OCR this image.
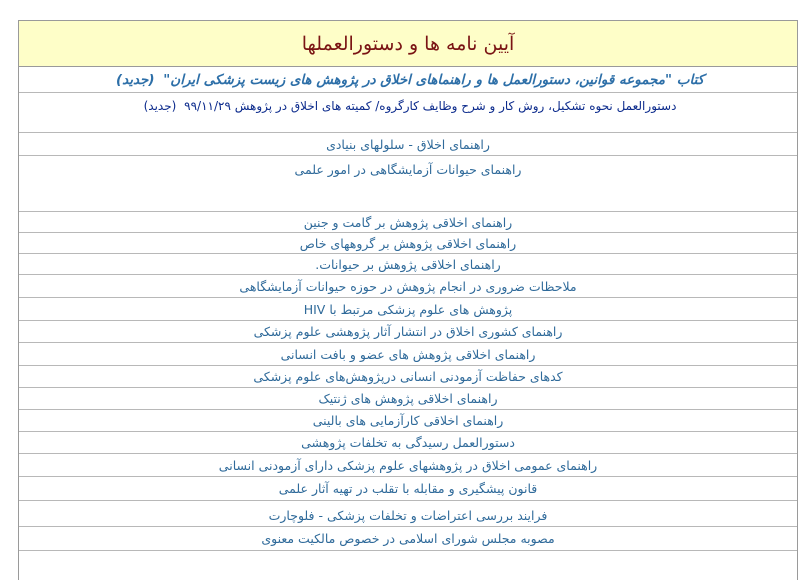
آیین نامه ها و دستورالعملها
کتاب "مجموعه قوانین، دستورالعمل ها و راهنماهای اخلاق در پژوهش های زیست پزشکی ایران" (جدید)
دستورالعمل نحوه تشکیل، روش کار و شرح وظایف کارگروه/ کمیته های اخلاق در پژوهش ۹۹/۱۱/۲۹ (جدید)
راهنمای اخلاق - سلولهای بنیادی
راهنمای حیوانات آزمایشگاهی در امور علمی
راهنمای اخلاقی پژوهش بر گامت و جنین
راهنمای اخلاقی پژوهش بر گروههای خاص
راهنمای اخلاقی پژوهش بر حیوانات.
ملاحظات ضروری در انجام پژوهش در حوزه حیوانات آزمایشگاهی
پژوهش های علوم پزشکی مرتبط با HIV
راهنمای کشوری اخلاق در انتشار آثار پژوهشی علوم پزشکی
راهنمای اخلاقی پژوهش های عضو و بافت انسانی
کدهای حفاظت آزمودنی انسانی درپژوهش‌های علوم پزشکی
راهنمای اخلاقی پژوهش های ژنتیک
راهنمای اخلاقی کارآزمایی های بالینی
دستورالعمل رسیدگی به تخلفات پژوهشی
راهنمای عمومی اخلاق در پژوهشهای علوم پزشکی دارای آزمودنی انسانی
قانون پیشگیری و مقابله با تقلب در تهیه آثار علمی
فرایند بررسی اعتراضات و تخلفات پزشکی - فلوچارت
مصوبه مجلس شورای اسلامی در خصوص مالکیت معنوی
